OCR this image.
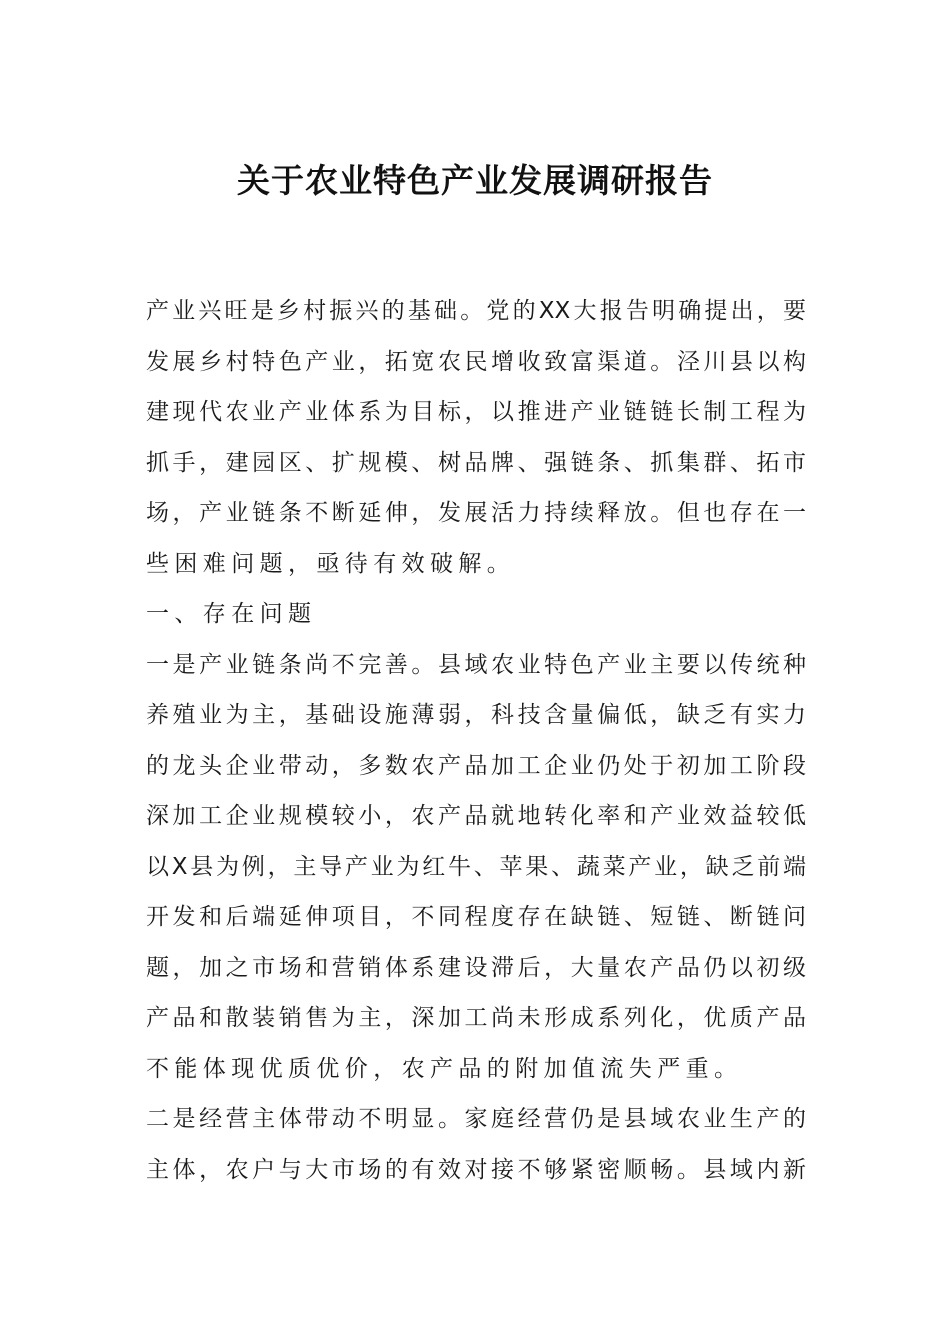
关于农业特色产业发展调研报告
产业兴旺是乡村振兴的基础。党的XX大报告明确提出，要
发展乡村特色产业，拓宽农民增收致富渠道。泾川县以构
建现代农业产业体系为目标，以推进产业链链长制工程为
抓手，建园区、扩规模、树品牌、强链条、抓集群、拓市
场，产业链条不断延伸，发展活力持续释放。但也存在一
些困难问题，亟待有效破解。
一、存在问题
一是产业链条尚不完善。县域农业特色产业主要以传统种
养殖业为主，基础设施薄弱，科技含量偏低，缺乏有实力
的龙头企业带动，多数农产品加工企业仍处于初加工阶段
深加工企业规模较小，农产品就地转化率和产业效益较低
以X县为例，主导产业为红牛、苹果、蔬菜产业，缺乏前端
开发和后端延伸项目，不同程度存在缺链、短链、断链问
题，加之市场和营销体系建设滞后，大量农产品仍以初级
产品和散装销售为主，深加工尚未形成系列化，优质产品
不能体现优质优价，农产品的附加值流失严重。
二是经营主体带动不明显。家庭经营仍是县域农业生产的
主体，农户与大市场的有效对接不够紧密顺畅。县域内新
